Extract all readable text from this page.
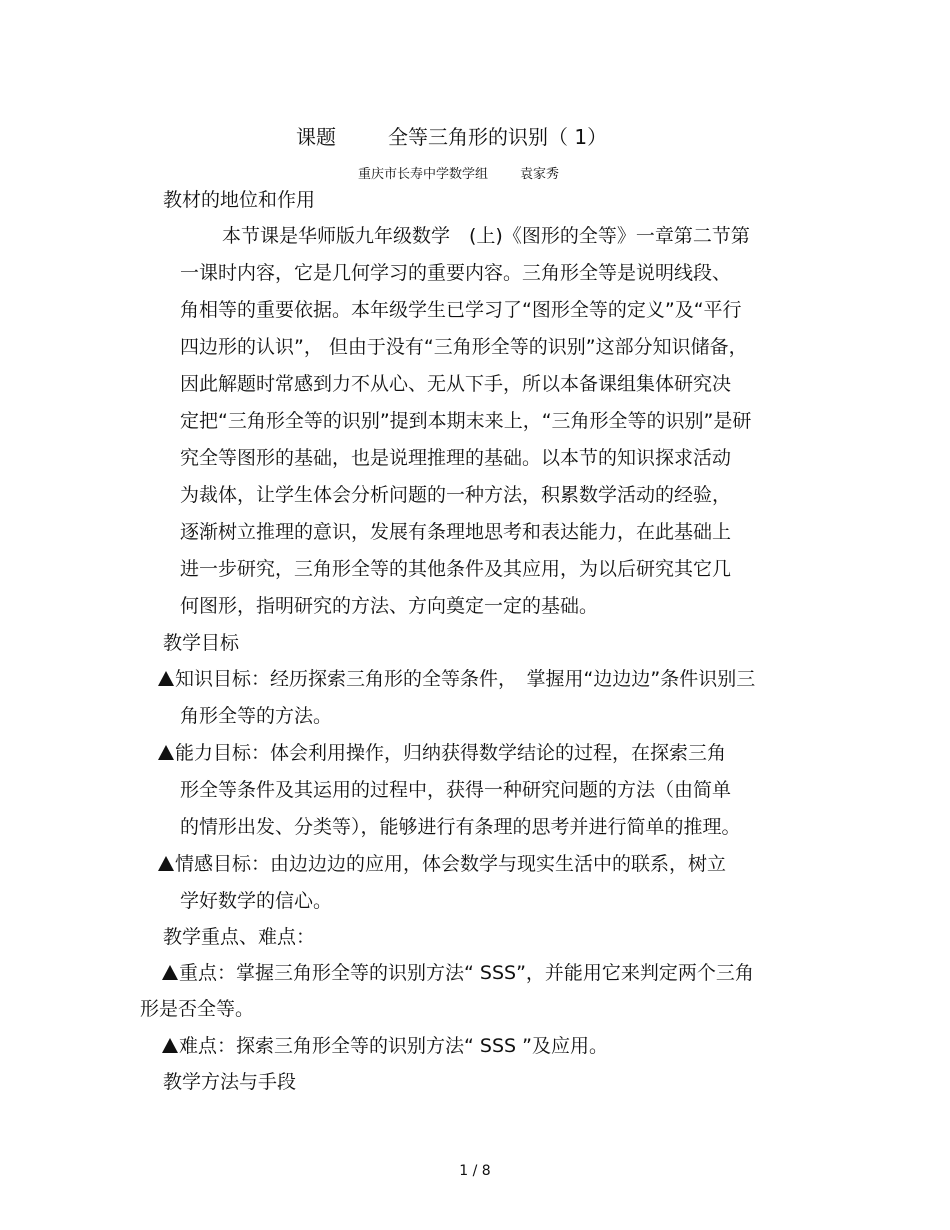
课题	全等三角形的识别（ 1）
重庆市长寿中学数学组 袁家秀
教材的地位和作用
本节课是华师版九年级数学　(上)《图形的全等》一章第二节第
一课时内容，它是几何学习的重要内容。三角形全等是说明线段、
角相等的重要依据。本年级学生已学习了“图形全等的定义”及“平行
四边形的认识”， 但由于没有“三角形全等的识别”这部分知识储备，
因此解题时常感到力不从心、无从下手，所以本备课组集体研究决
定把“三角形全等的识别”提到本期末来上，“三角形全等的识别”是研
究全等图形的基础，也是说理推理的基础。以本节的知识探求活动
为裁体，让学生体会分析问题的一种方法，积累数学活动的经验，
逐渐树立推理的意识，发展有条理地思考和表达能力，在此基础上
进一步研究，三角形全等的其他条件及其应用，为以后研究其它几
何图形，指明研究的方法、方向奠定一定的基础。
教学目标
知识目标：经历探索三角形的全等条件，　掌握用“边边边”条件识别三
角形全等的方法。
能力目标：体会利用操作，归纳获得数学结论的过程，在探索三角
形全等条件及其运用的过程中，获得一种研究问题的方法（由简单
的情形出发、分类等），能够进行有条理的思考并进行简单的推理。
情感目标：由边边边的应用，体会数学与现实生活中的联系，树立
学好数学的信心。
教学重点、难点：
重点：掌握三角形全等的识别方法“ SSS”，并能用它来判定两个三角
形是否全等。
难点：探索三角形全等的识别方法“ SSS ”及应用。
教学方法与手段
1 / 8
